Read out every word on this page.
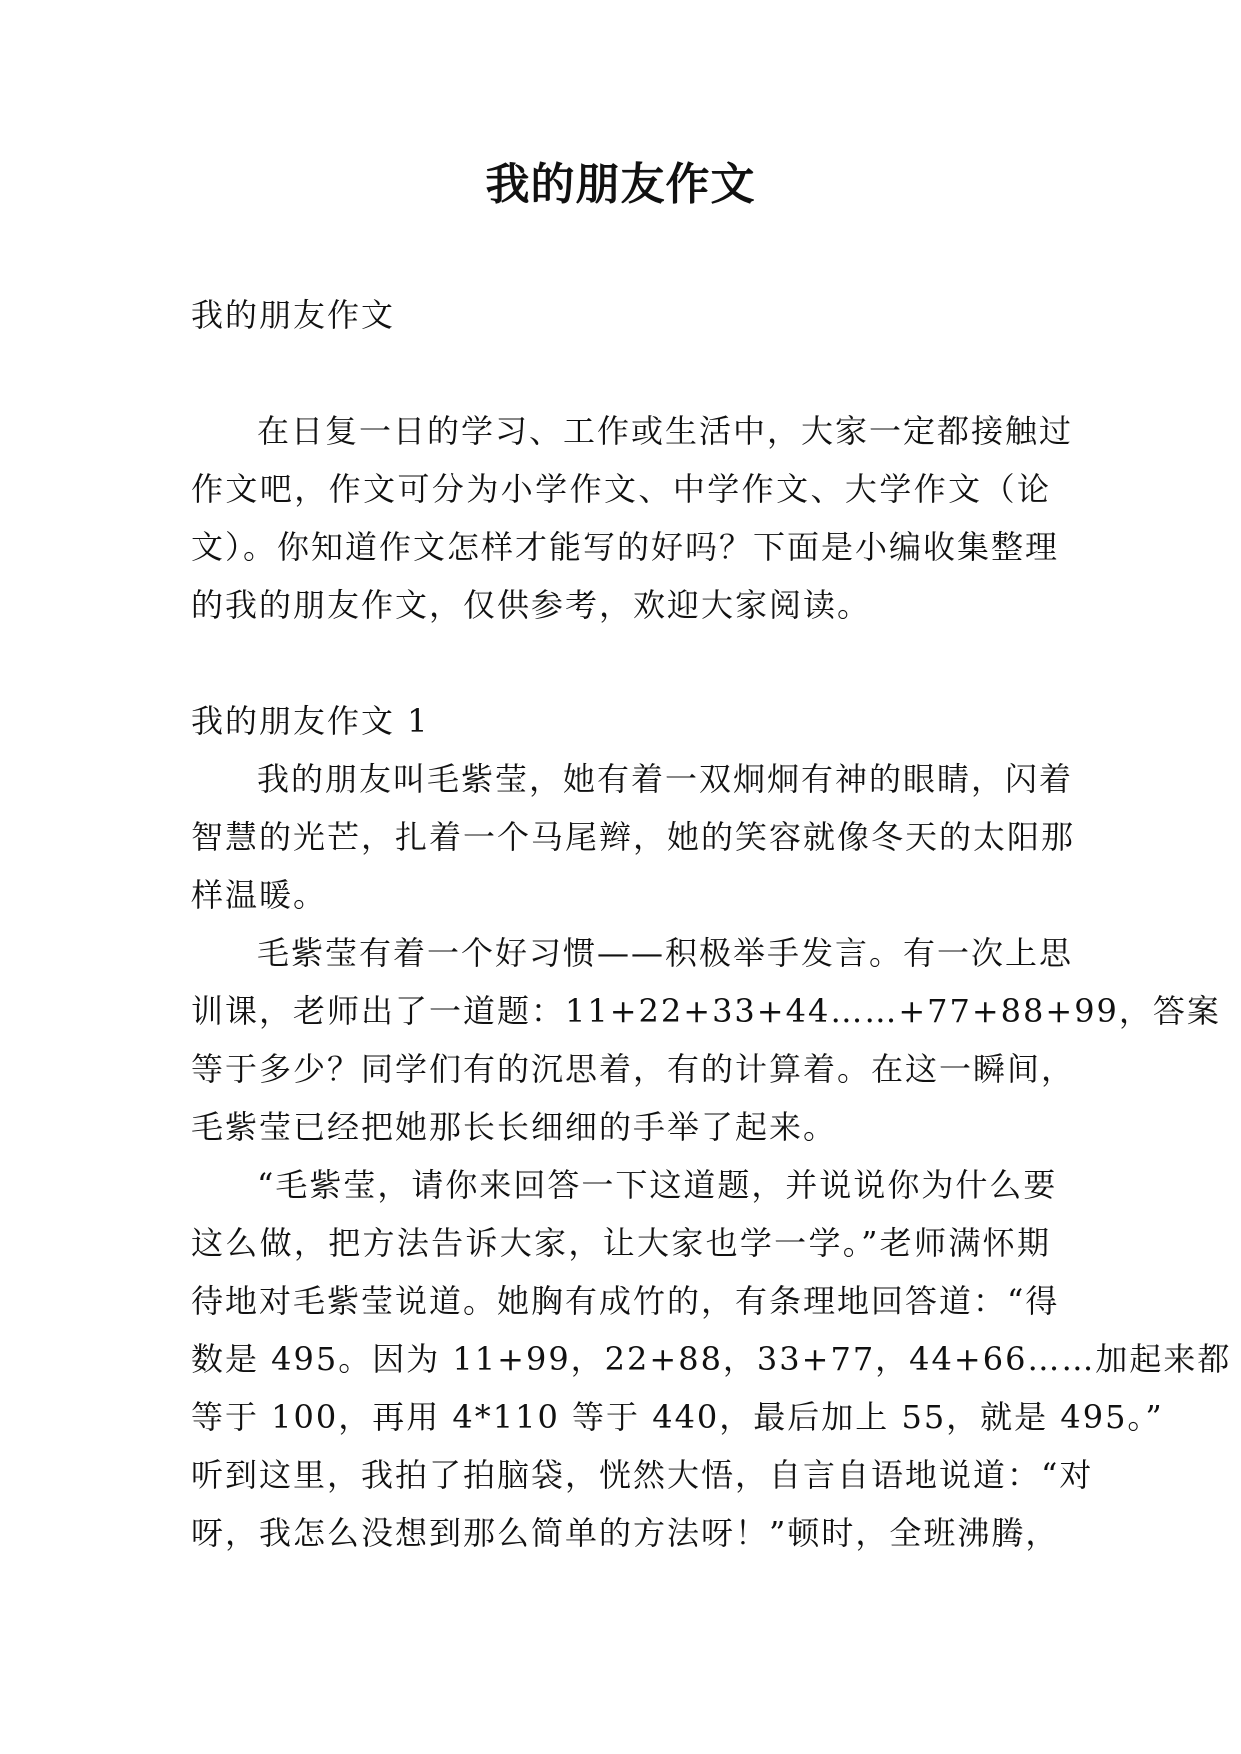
我的朋友作文
我的朋友作文
在日复一日的学习、工作或生活中，大家一定都接触过
作文吧，作文可分为小学作文、中学作文、大学作文（论
文）。你知道作文怎样才能写的好吗？下面是小编收集整理
的我的朋友作文，仅供参考，欢迎大家阅读。
我的朋友作文 1
我的朋友叫毛紫莹，她有着一双炯炯有神的眼睛，闪着
智慧的光芒，扎着一个马尾辫，她的笑容就像冬天的太阳那
样温暖。
毛紫莹有着一个好习惯——积极举手发言。有一次上思
训课，老师出了一道题：11+22+33+44……+77+88+99，答案
等于多少？同学们有的沉思着，有的计算着。在这一瞬间，
毛紫莹已经把她那长长细细的手举了起来。
“毛紫莹，请你来回答一下这道题，并说说你为什么要
这么做，把方法告诉大家，让大家也学一学。”老师满怀期
待地对毛紫莹说道。她胸有成竹的，有条理地回答道：“得
数是 495。因为 11+99，22+88，33+77，44+66……加起来都
等于 100，再用 4*110 等于 440，最后加上 55，就是 495。”
听到这里，我拍了拍脑袋，恍然大悟，自言自语地说道：“对
呀，我怎么没想到那么简单的方法呀！”顿时，全班沸腾，
